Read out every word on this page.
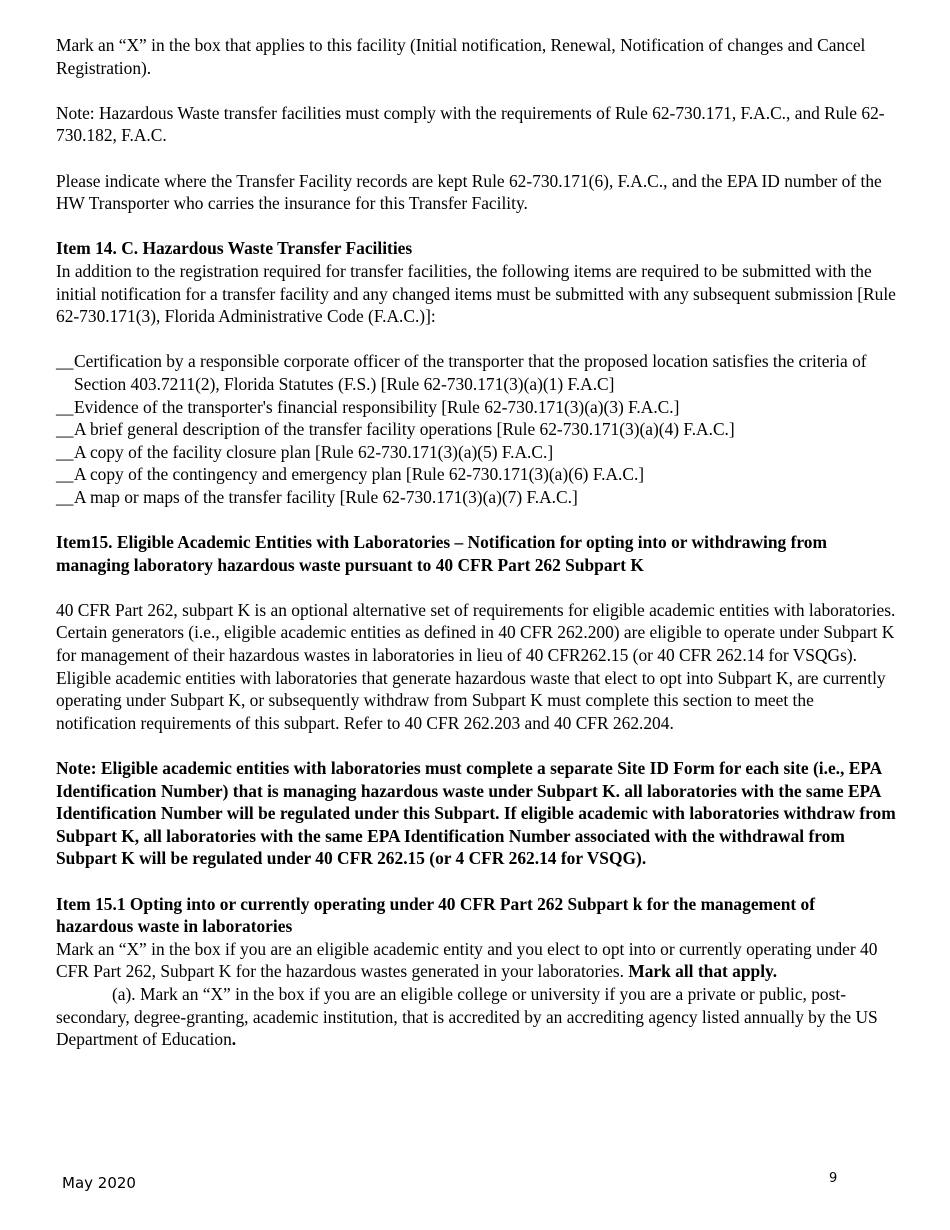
Mark an “X” in the box that applies to this facility (Initial notification, Renewal, Notification of changes and Cancel Registration).

Note: Hazardous Waste transfer facilities must comply with the requirements of Rule 62-730.171, F.A.C., and Rule 62-730.182, F.A.C.

Please indicate where the Transfer Facility records are kept Rule 62-730.171(6), F.A.C., and the EPA ID number of the HW Transporter who carries the insurance for this Transfer Facility.

Item 14. C. Hazardous Waste Transfer Facilities

In addition to the registration required for transfer facilities, the following items are required to be submitted with the initial notification for a transfer facility and any changed items must be submitted with any subsequent submission [Rule 62-730.171(3), Florida Administrative Code (F.A.C.)]:

__Certification by a responsible corporate officer of the transporter that the proposed location satisfies the criteria of Section 403.7211(2), Florida Statutes (F.S.) [Rule 62-730.171(3)(a)(1) F.A.C]

__Evidence of the transporter's financial responsibility [Rule 62-730.171(3)(a)(3) F.A.C.]

__A brief general description of the transfer facility operations [Rule 62-730.171(3)(a)(4) F.A.C.]

__A copy of the facility closure plan [Rule 62-730.171(3)(a)(5) F.A.C.]

__A copy of the contingency and emergency plan [Rule 62-730.171(3)(a)(6) F.A.C.]

__A map or maps of the transfer facility [Rule 62-730.171(3)(a)(7) F.A.C.]

Item15. Eligible Academic Entities with Laboratories – Notification for opting into or withdrawing from managing laboratory hazardous waste pursuant to 40 CFR Part 262 Subpart K

40 CFR Part 262, subpart K is an optional alternative set of requirements for eligible academic entities with laboratories. Certain generators (i.e., eligible academic entities as defined in 40 CFR 262.200) are eligible to operate under Subpart K for management of their hazardous wastes in laboratories in lieu of 40 CFR262.15 (or 40 CFR 262.14 for VSQGs). Eligible academic entities with laboratories that generate hazardous waste that elect to opt into Subpart K, are currently operating under Subpart K, or subsequently withdraw from Subpart K must complete this section to meet the notification requirements of this subpart. Refer to 40 CFR 262.203 and 40 CFR 262.204.

Note: Eligible academic entities with laboratories must complete a separate Site ID Form for each site (i.e., EPA Identification Number) that is managing hazardous waste under Subpart K. all laboratories with the same EPA Identification Number will be regulated under this Subpart. If eligible academic with laboratories withdraw from Subpart K, all laboratories with the same EPA Identification Number associated with the withdrawal from Subpart K will be regulated under 40 CFR 262.15 (or 4 CFR 262.14 for VSQG).

Item 15.1 Opting into or currently operating under 40 CFR Part 262 Subpart k for the management of hazardous waste in laboratories

Mark an “X” in the box if you are an eligible academic entity and you elect to opt into or currently operating under 40 CFR Part 262, Subpart K for the hazardous wastes generated in your laboratories. Mark all that apply.

(a). Mark an “X” in the box if you are an eligible college or university if you are a private or public, post-secondary, degree-granting, academic institution, that is accredited by an accrediting agency listed annually by the US Department of Education.

May 2020	9
